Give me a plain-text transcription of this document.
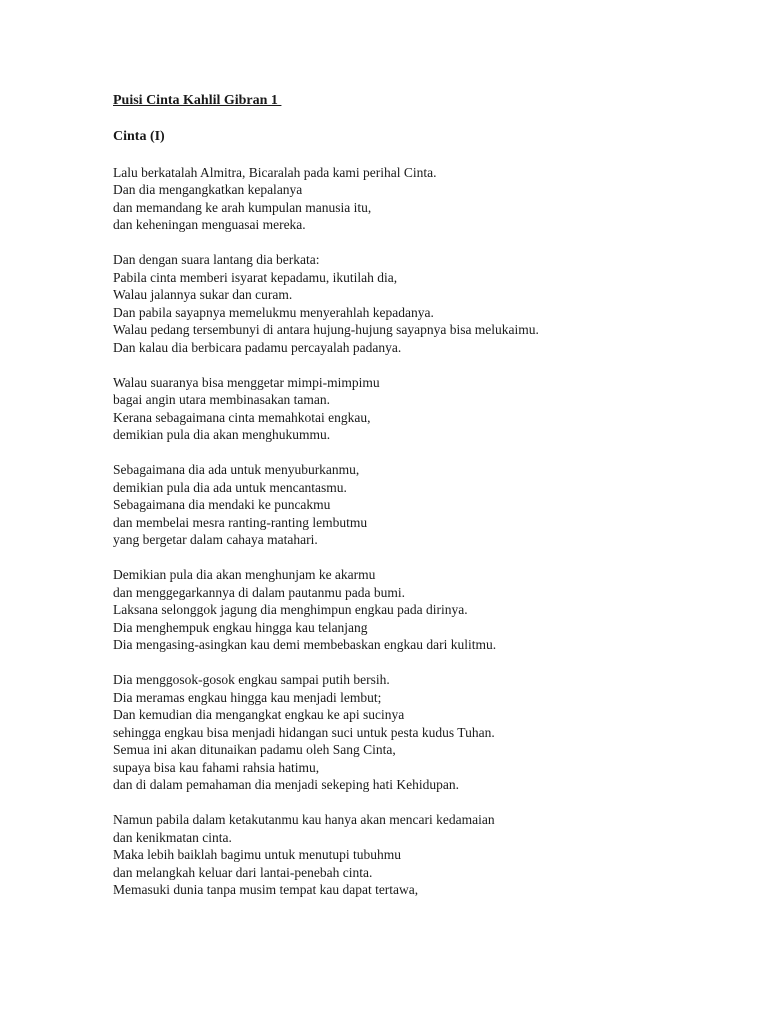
Puisi Cinta Kahlil Gibran 1
Cinta (I)
Lalu berkatalah Almitra, Bicaralah pada kami perihal Cinta.
Dan dia mengangkatkan kepalanya
dan memandang ke arah kumpulan manusia itu,
dan keheningan menguasai mereka.
Dan dengan suara lantang dia berkata:
Pabila cinta memberi isyarat kepadamu, ikutilah dia,
Walau jalannya sukar dan curam.
Dan pabila sayapnya memelukmu menyerahlah kepadanya.
Walau pedang tersembunyi di antara hujung-hujung sayapnya bisa melukaimu.
Dan kalau dia berbicara padamu percayalah padanya.
Walau suaranya bisa menggetar mimpi-mimpimu
bagai angin utara membinasakan taman.
Kerana sebagaimana cinta memahkotai engkau,
demikian pula dia akan menghukummu.
Sebagaimana dia ada untuk menyuburkanmu,
demikian pula dia ada untuk mencantasmu.
Sebagaimana dia mendaki ke puncakmu
dan membelai mesra ranting-ranting lembutmu
yang bergetar dalam cahaya matahari.
Demikian pula dia akan menghunjam ke akarmu
dan menggegarkannya di dalam pautanmu pada bumi.
Laksana selonggok jagung dia menghimpun engkau pada dirinya.
Dia menghempuk engkau hingga kau telanjang
Dia mengasing-asingkan kau demi membebaskan engkau dari kulitmu.
Dia menggosok-gosok engkau sampai putih bersih.
Dia meramas engkau hingga kau menjadi lembut;
Dan kemudian dia mengangkat engkau ke api sucinya
sehingga engkau bisa menjadi hidangan suci untuk pesta kudus Tuhan.
Semua ini akan ditunaikan padamu oleh Sang Cinta,
supaya bisa kau fahami rahsia hatimu,
dan di dalam pemahaman dia menjadi sekeping hati Kehidupan.
Namun pabila dalam ketakutanmu kau hanya akan mencari kedamaian
dan kenikmatan cinta.
Maka lebih baiklah bagimu untuk menutupi tubuhmu
dan melangkah keluar dari lantai-penebah cinta.
Memasuki dunia tanpa musim tempat kau dapat tertawa,
